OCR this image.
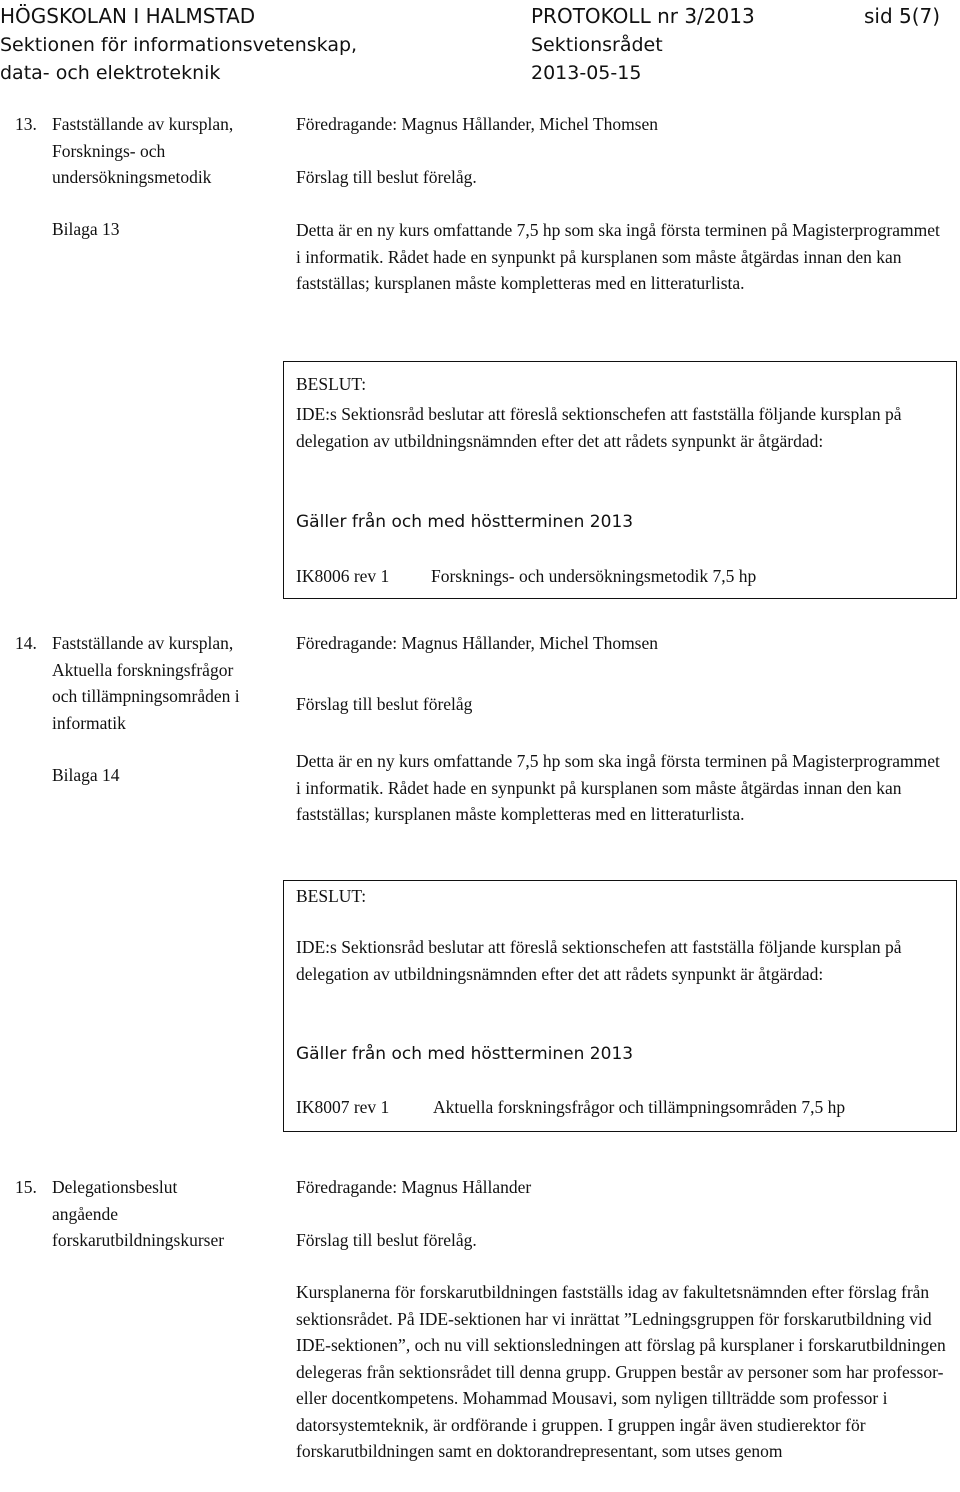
HÖGSKOLAN I HALMSTAD
Sektionen för informationsvetenskap,
data- och elektroteknik
PROTOKOLL nr 3/2013
Sektionsrådet
2013-05-15
sid 5(7)
13. Fastställande av kursplan,
Forsknings- och
undersökningsmetodik
Bilaga 13
Föredragande: Magnus Hållander, Michel Thomsen
Förslag till beslut förelåg.
Detta är en ny kurs omfattande 7,5 hp som ska ingå första terminen på Magisterprogrammet i informatik. Rådet hade en synpunkt på kursplanen som måste åtgärdas innan den kan fastställas; kursplanen måste kompletteras med en litteraturlista.
BESLUT:
IDE:s Sektionsråd beslutar att föreslå sektionschefen att fastställa följande kursplan på delegation av utbildningsnämnden efter det att rådets synpunkt är åtgärdad:
Gäller från och med höstterminen 2013
IK8006 rev 1 Forsknings- och undersökningsmetodik 7,5 hp
14. Fastställande av kursplan,
Aktuella forskningsfrågor
och tillämpningsområden i
informatik
Bilaga 14
Föredragande: Magnus Hållander, Michel Thomsen
Förslag till beslut förelåg
Detta är en ny kurs omfattande 7,5 hp som ska ingå första terminen på Magisterprogrammet i informatik. Rådet hade en synpunkt på kursplanen som måste åtgärdas innan den kan fastställas; kursplanen måste kompletteras med en litteraturlista.
BESLUT:
IDE:s Sektionsråd beslutar att föreslå sektionschefen att fastställa följande kursplan på delegation av utbildningsnämnden efter det att rådets synpunkt är åtgärdad:
Gäller från och med höstterminen 2013
IK8007 rev 1 Aktuella forskningsfrågor och tillämpningsområden 7,5 hp
15. Delegationsbeslut
angående
forskarutbildningskurser
Föredragande: Magnus Hållander
Förslag till beslut förelåg.
Kursplanerna för forskarutbildningen fastställs idag av fakultetsnämnden efter förslag från sektionsrådet. På IDE-sektionen har vi inrättat ”Ledningsgruppen för forskarutbildning vid IDE-sektionen”, och nu vill sektionsledningen att förslag på kursplaner i forskarutbildningen delegeras från sektionsrådet till denna grupp. Gruppen består av personer som har professor- eller docentkompetens. Mohammad Mousavi, som nyligen tillträdde som professor i datorsystemteknik, är ordförande i gruppen. I gruppen ingår även studierektor för forskarutbildningen samt en doktorandrepresentant, som utses genom
